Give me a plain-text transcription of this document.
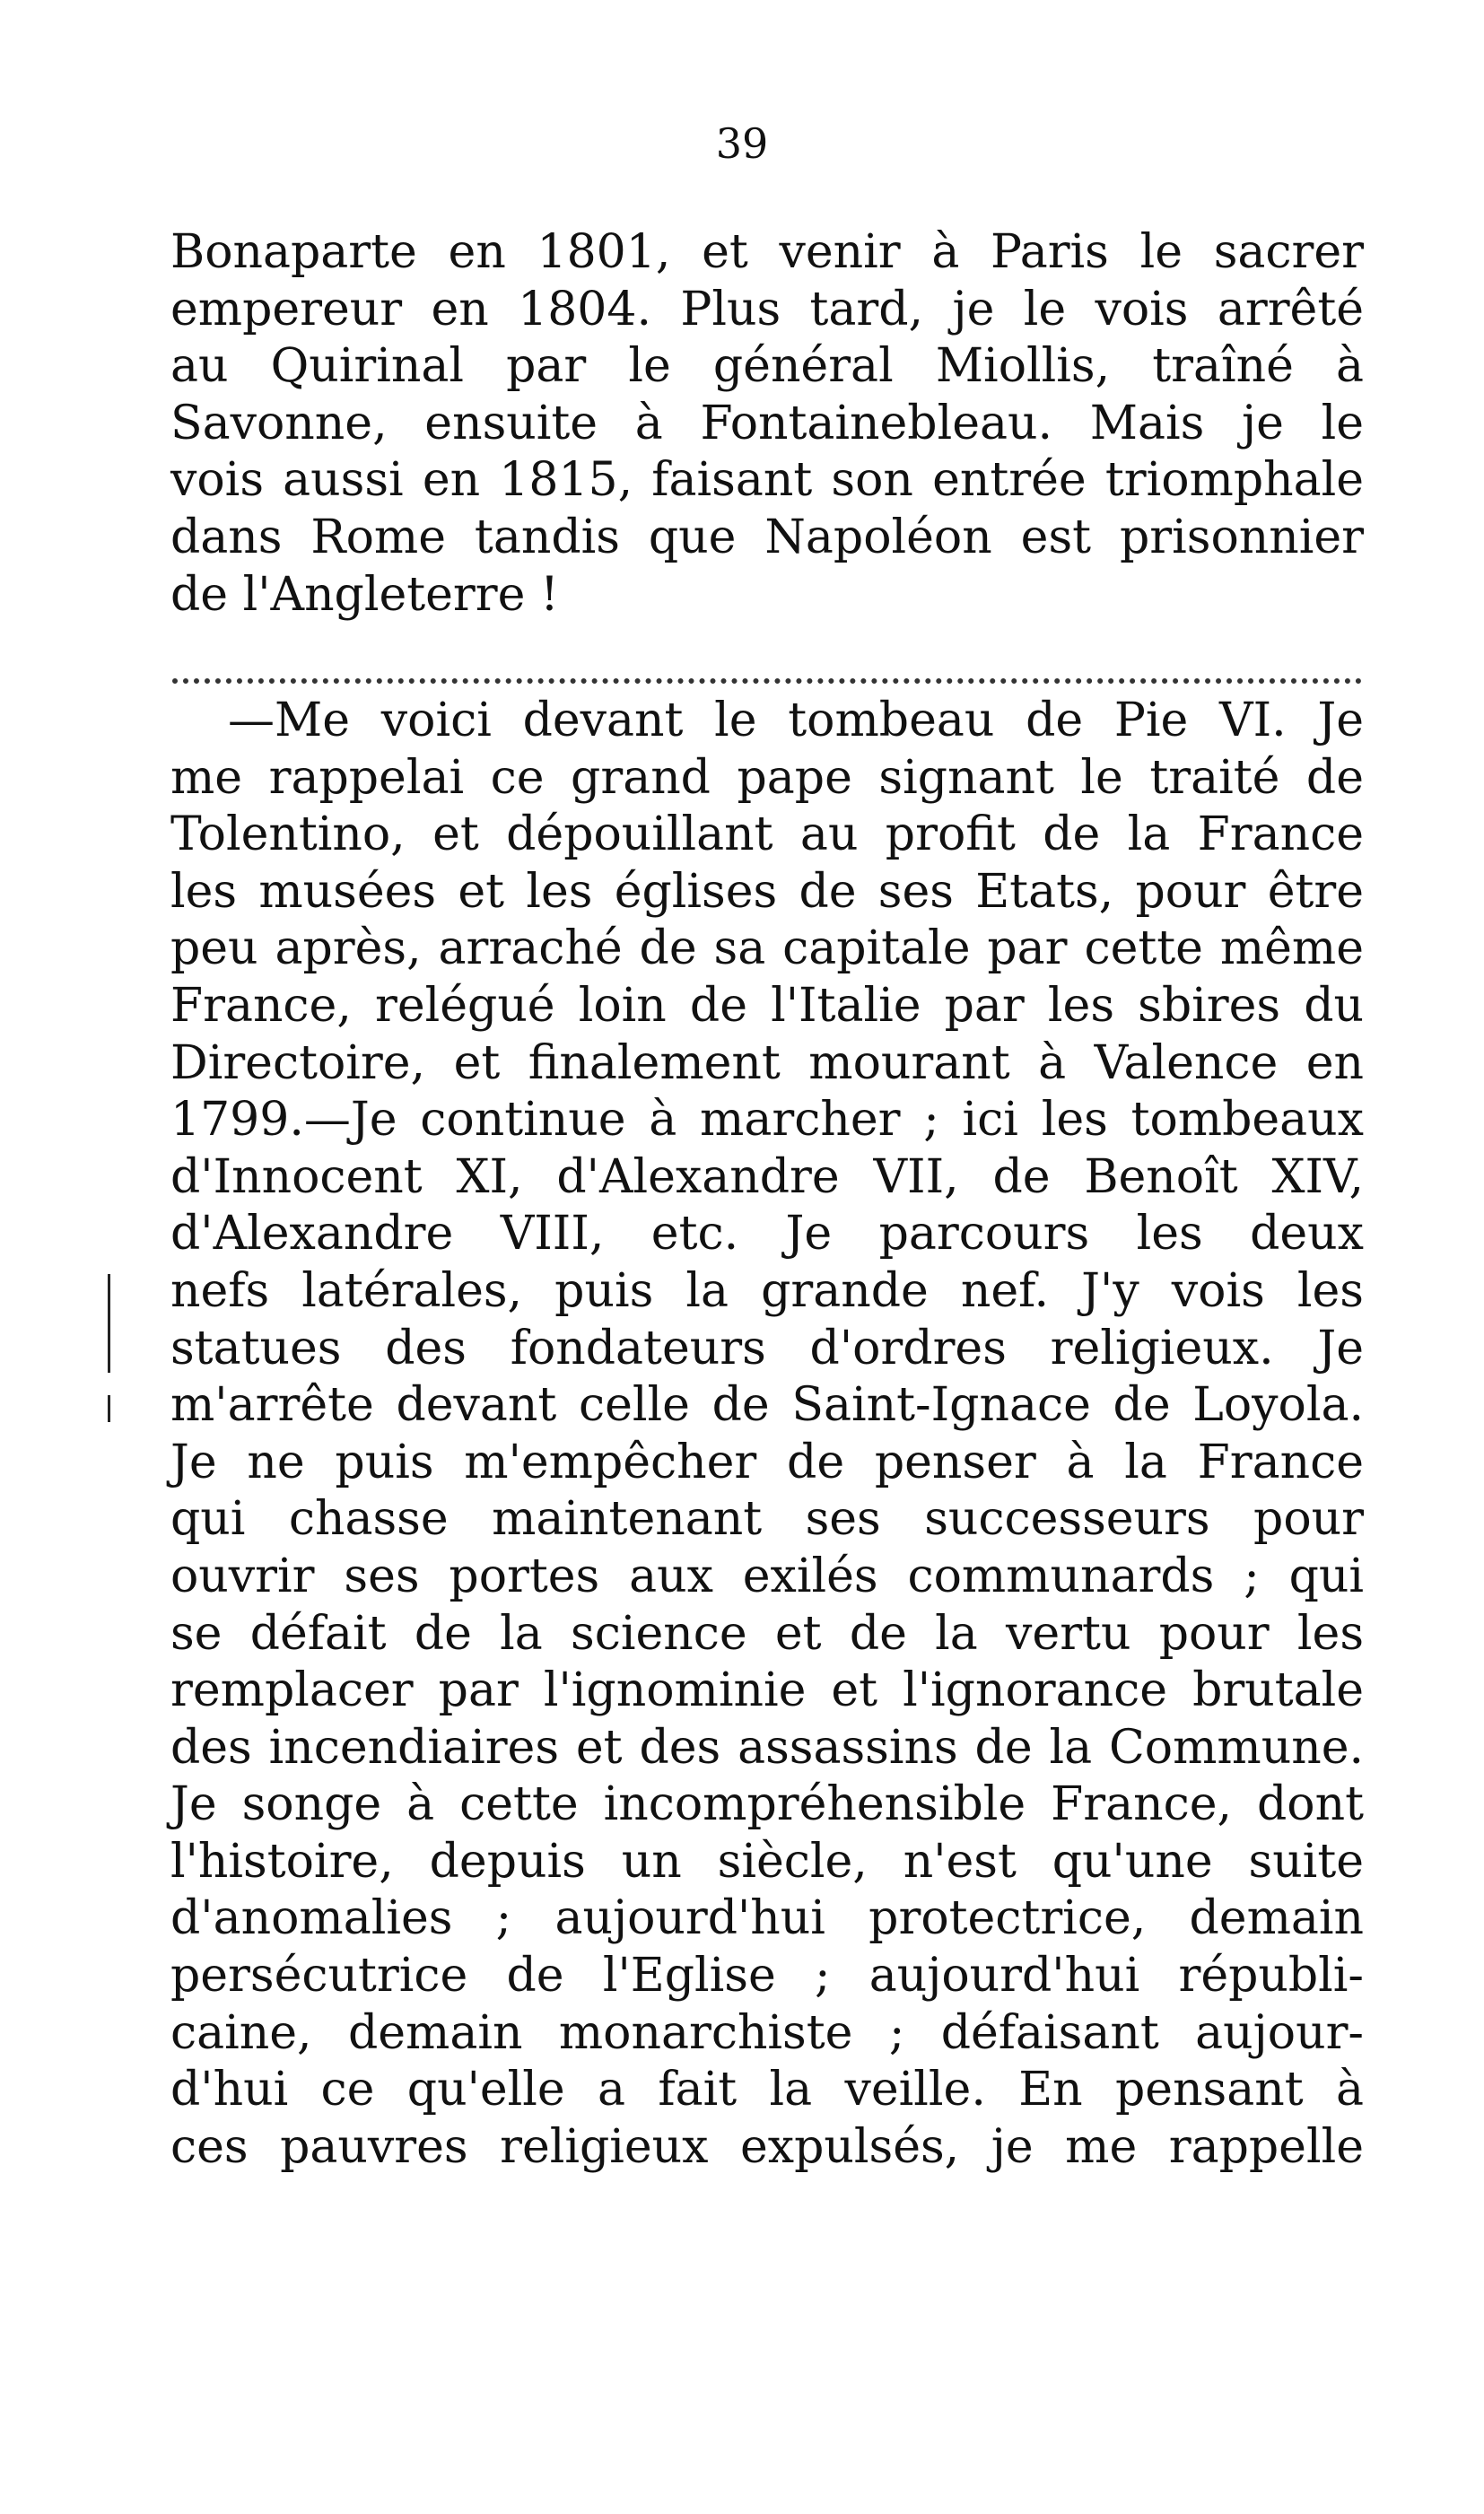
39
Bonaparte en 1801, et venir à Paris le sacrer
empereur en 1804. Plus tard, je le vois arrêté
au Quirinal par le général Miollis, traîné à
Savonne, ensuite à Fontainebleau. Mais je le
vois aussi en 1815, faisant son entrée triomphale
dans Rome tandis que Napoléon est prisonnier
de l'Angleterre !
—Me voici devant le tombeau de Pie VI. Je
me rappelai ce grand pape signant le traité de
Tolentino, et dépouillant au profit de la France
les musées et les églises de ses Etats, pour être
peu après, arraché de sa capitale par cette même
France, relégué loin de l'Italie par les sbires du
Directoire, et finalement mourant à Valence en
1799.—Je continue à marcher ; ici les tombeaux
d'Innocent XI, d'Alexandre VII, de Benoît XIV,
d'Alexandre VIII, etc. Je parcours les deux
nefs latérales, puis la grande nef. J'y vois les
statues des fondateurs d'ordres religieux. Je
m'arrête devant celle de Saint-Ignace de Loyola.
Je ne puis m'empêcher de penser à la France
qui chasse maintenant ses successeurs pour
ouvrir ses portes aux exilés communards ; qui
se défait de la science et de la vertu pour les
remplacer par l'ignominie et l'ignorance brutale
des incendiaires et des assassins de la Commune.
Je songe à cette incompréhensible France, dont
l'histoire, depuis un siècle, n'est qu'une suite
d'anomalies ; aujourd'hui protectrice, demain
persécutrice de l'Eglise ; aujourd'hui républi-
caine, demain monarchiste ; défaisant aujour-
d'hui ce qu'elle a fait la veille. En pensant à
ces pauvres religieux expulsés, je me rappelle
